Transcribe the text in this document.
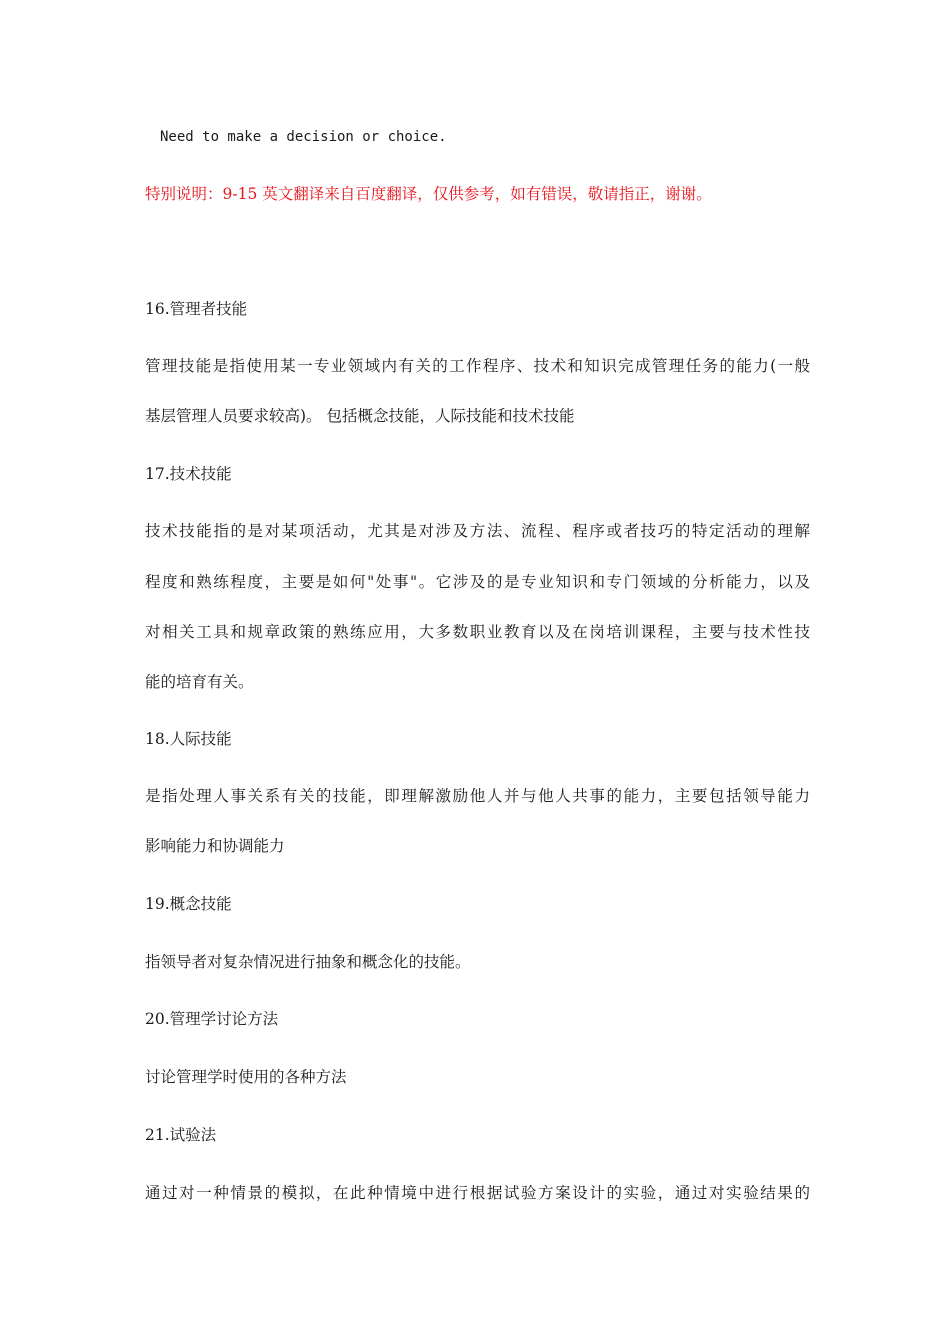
Need to make a decision or choice.
特别说明：9-15 英文翻译来自百度翻译，仅供参考，如有错误，敬请指正，谢谢。
16.管理者技能
管理技能是指使用某一专业领域内有关的工作程序、技术和知识完成管理任务的能力(一般
基层管理人员要求较高)。 包括概念技能，人际技能和技术技能
17.技术技能
技术技能指的是对某项活动，尤其是对涉及方法、流程、程序或者技巧的特定活动的理解
程度和熟练程度，主要是如何"处事"。它涉及的是专业知识和专门领域的分析能力，以及
对相关工具和规章政策的熟练应用，大多数职业教育以及在岗培训课程，主要与技术性技
能的培育有关。
18.人际技能
是指处理人事关系有关的技能，即理解激励他人并与他人共事的能力，主要包括领导能力
影响能力和协调能力
19.概念技能
指领导者对复杂情况进行抽象和概念化的技能。
20.管理学讨论方法
讨论管理学时使用的各种方法
21.试验法
通过对一种情景的模拟，在此种情境中进行根据试验方案设计的实验，通过对实验结果的
